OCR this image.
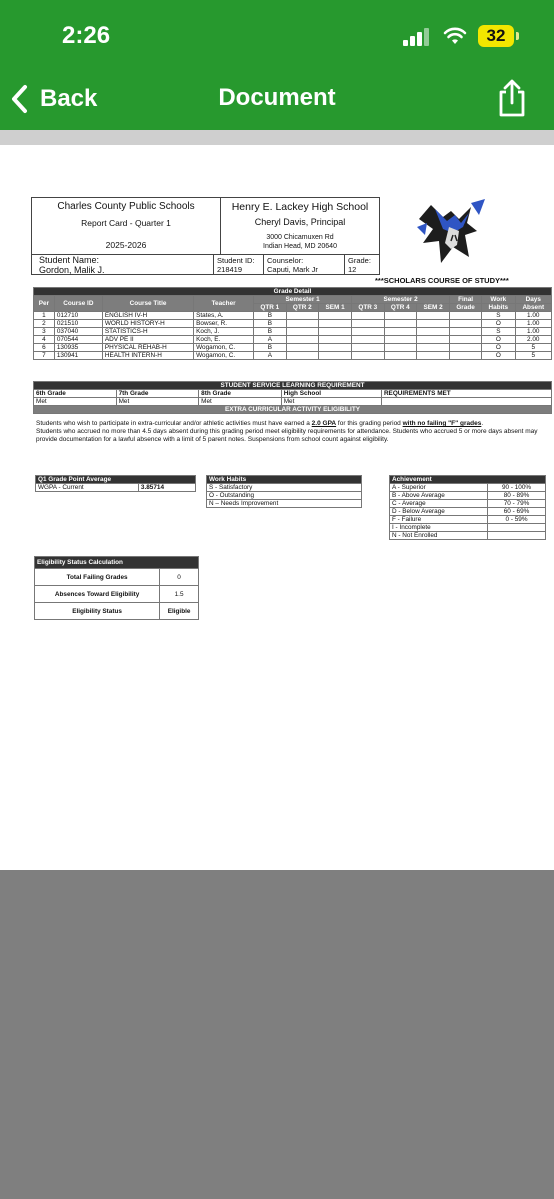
2:26	32
Back	Document
Charles County Public Schools
Report Card - Quarter 1
2025-2026
Henry E. Lackey High School
Cheryl Davis, Principal
3000 Chicamuxen Rd
Indian Head, MD 20640
Student Name:
Gordon, Malik J.
Student ID:
218419
Counselor:
Caputi, Mark Jr
Grade:
12
***SCHOLARS COURSE OF STUDY***
Grade Detail												
Per	Course ID	Course Title	Teacher	Semester 1			Semester 2			Final	Work	Days
				QTR 1	QTR 2	SEM 1	QTR 3	QTR 4	SEM 2	Grade	Habits	Absent
1	012710	ENGLISH IV-H	States, A.	B							S	1.00
2	021510	WORLD HISTORY-H	Bowser, R.	B							O	1.00
3	037040	STATISTICS-H	Koch, J.	B							S	1.00
4	070544	ADV PE II	Koch, E.	A							O	2.00
6	130935	PHYSICAL REHAB-H	Wogamon, C.	B							O	5
7	130941	HEALTH INTERN-H	Wogamon, C.	A							O	5
STUDENT SERVICE LEARNING REQUIREMENT				
6th Grade	7th Grade	8th Grade	High School	REQUIREMENTS MET
Met	Met	Met	Met	
EXTRA CURRICULAR ACTIVITY ELIGIBILITY				
Students who wish to participate in extra-curricular and/or athletic activities must have earned a 2.0 GPA for this grading period with no failing "F" grades.
Students who accrued no more than 4.5 days absent during this grading period meet eligibility requirements for attendance. Students who accrued 5 or more days absent may provide documentation for a lawful absence with a limit of 5 parent notes. Suspensions from school count against eligibility.
Q1 Grade Point Average
WGPA - Current	3.85714
Work Habits
S - Satisfactory
O - Outstanding
N – Needs Improvement
Achievement	
A - Superior	90 - 100%
B - Above Average	80 - 89%
C - Average	70 - 79%
D - Below Average	60 - 69%
F - Failure	0 - 59%
I - Incomplete	
N - Not Enrolled	
Eligibility Status Calculation	
Total Failing Grades	0
Absences Toward Eligibility	1.5
Eligibility Status	Eligible
